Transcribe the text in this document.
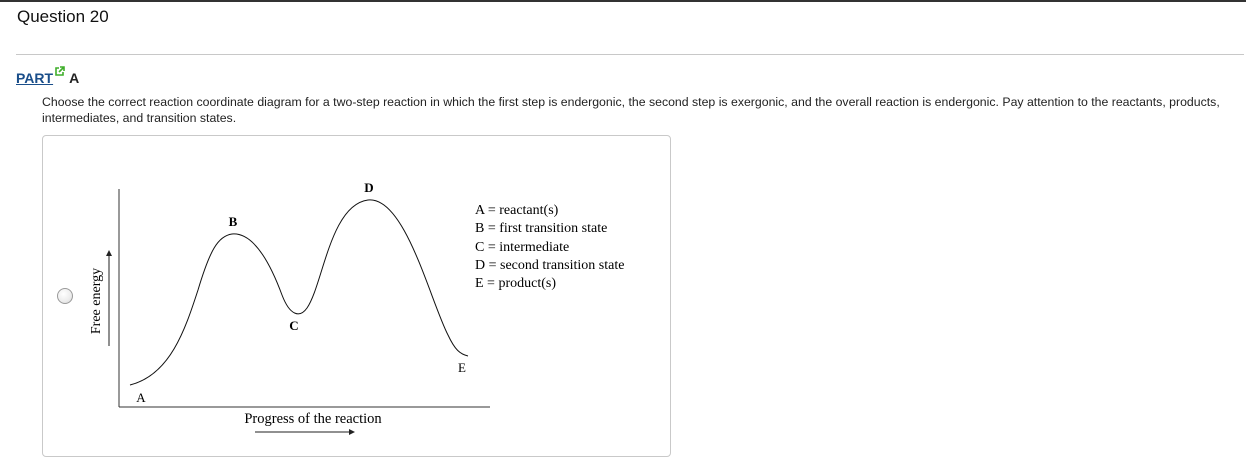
Question 20
PART A
Choose the correct reaction coordinate diagram for a two-step reaction in which the first step is endergonic, the second step is exergonic, and the overall reaction is endergonic. Pay attention to the reactants, products, intermediates, and transition states.
Free energy
Progress of the reaction
A
B
C
D
E
A = reactant(s)
B = first transition state
C = intermediate
D = second transition state
E = product(s)
